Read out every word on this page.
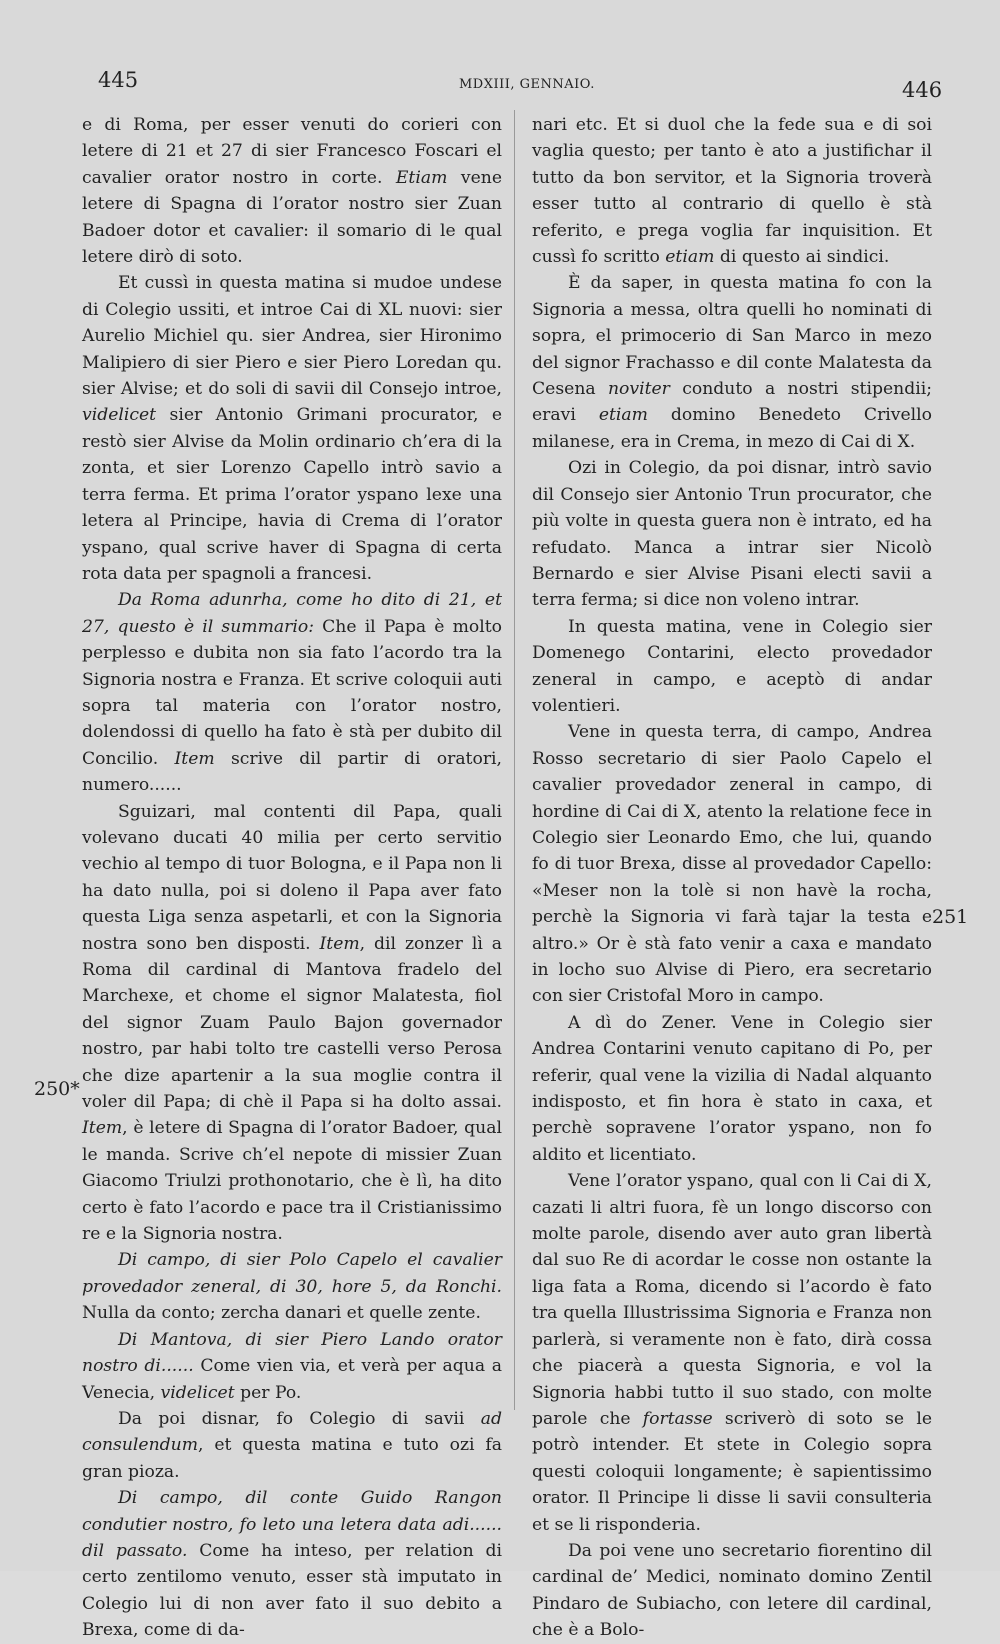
445	MDXIII, GENNAIO.	446
250*
251

e di Roma, per esser venuti do corieri con letere di 21 et 27 di sier Francesco Foscari el cavalier orator nostro in corte. Etiam vene letere di Spagna di l’orator nostro sier Zuan Badoer dotor et cavalier: il somario di le qual letere dirò di soto.

Et cussì in questa matina si mudoe undese di Colegio ussiti, et introe Cai di XL nuovi: sier Aurelio Michiel qu. sier Andrea, sier Hironimo Malipiero di sier Piero e sier Piero Loredan qu. sier Alvise; et do soli di savii dil Consejo introe, videlicet sier Antonio Grimani procurator, e restò sier Alvise da Molin ordinario ch’era di la zonta, et sier Lorenzo Capello intrò savio a terra ferma. Et prima l’orator yspano lexe una letera al Principe, havia di Crema di l’orator yspano, qual scrive haver di Spagna di certa rota data per spagnoli a francesi.

Da Roma adunrha, come ho dito di 21, et 27, questo è il summario: Che il Papa è molto perplesso e dubita non sia fato l’acordo tra la Signoria nostra e Franza. Et scrive coloquii auti sopra tal materia con l’orator nostro, dolendossi di quello ha fato è stà per dubito dil Concilio. Item scrive dil partir di oratori, numero......

Sguizari, mal contenti dil Papa, quali volevano ducati 40 milia per certo servitio vechio al tempo di tuor Bologna, e il Papa non li ha dato nulla, poi si doleno il Papa aver fato questa Liga senza aspetarli, et con la Signoria nostra sono ben disposti. Item, dil zonzer lì a Roma dil cardinal di Mantova fradelo del Marchexe, et chome el signor Malatesta, fiol del signor Zuam Paulo Bajon governador nostro, par habi tolto tre castelli verso Perosa che dize apartenir a la sua moglie contra il voler dil Papa; di chè il Papa si ha dolto assai. Item, è letere di Spagna di l’orator Badoer, qual le manda. Scrive ch’el nepote di missier Zuan Giacomo Triulzi prothonotario, che è lì, ha dito certo è fato l’acordo e pace tra il Cristianissimo re e la Signoria nostra.

Di campo, di sier Polo Capelo el cavalier provedador zeneral, di 30, hore 5, da Ronchi. Nulla da conto; zercha danari et quelle zente.

Di Mantova, di sier Piero Lando orator nostro di...... Come vien via, et verà per aqua a Venecia, videlicet per Po.

Da poi disnar, fo Colegio di savii ad consulendum, et questa matina e tuto ozi fa gran pioza.

Di campo, dil conte Guido Rangon condutier nostro, fo leto una letera data adi...... dil passato. Come ha inteso, per relation di certo zentilomo venuto, esser stà imputato in Colegio lui di non aver fato il suo debito a Brexa, come di da-

nari etc. Et si duol che la fede sua e di soi vaglia questo; per tanto è ato a justifichar il tutto da bon servitor, et la Signoria troverà esser tutto al contrario di quello è stà referito, e prega voglia far inquisition. Et cussì fo scritto etiam di questo ai sindici.

È da saper, in questa matina fo con la Signoria a messa, oltra quelli ho nominati di sopra, el primocerio di San Marco in mezo del signor Frachasso e dil conte Malatesta da Cesena noviter conduto a nostri stipendii; eravi etiam domino Benedeto Crivello milanese, era in Crema, in mezo di Cai di X.

Ozi in Colegio, da poi disnar, intrò savio dil Consejo sier Antonio Trun procurator, che più volte in questa guera non è intrato, ed ha refudato. Manca a intrar sier Nicolò Bernardo e sier Alvise Pisani electi savii a terra ferma; si dice non voleno intrar.

In questa matina, vene in Colegio sier Domenego Contarini, electo provedador zeneral in campo, e aceptò di andar volentieri.

Vene in questa terra, di campo, Andrea Rosso secretario di sier Paolo Capelo el cavalier provedador zeneral in campo, di hordine di Cai di X, atento la relatione fece in Colegio sier Leonardo Emo, che lui, quando fo di tuor Brexa, disse al provedador Capello: «Meser non la tolè si non havè la rocha, perchè la Signoria vi farà tajar la testa e altro.» Or è stà fato venir a caxa e mandato in locho suo Alvise di Piero, era secretario con sier Cristofal Moro in campo.

A dì do Zener. Vene in Colegio sier Andrea Contarini venuto capitano di Po, per referir, qual vene la vizilia di Nadal alquanto indisposto, et fin hora è stato in caxa, et perchè sopravene l’orator yspano, non fo aldito et licentiato.

Vene l’orator yspano, qual con li Cai di X, cazati li altri fuora, fè un longo discorso con molte parole, disendo aver auto gran libertà dal suo Re di acordar le cosse non ostante la liga fata a Roma, dicendo si l’acordo è fato tra quella Illustrissima Signoria e Franza non parlerà, si veramente non è fato, dirà cossa che piacerà a questa Signoria, e vol la Signoria habbi tutto il suo stado, con molte parole che fortasse scriverò di soto se le potrò intender. Et stete in Colegio sopra questi coloquii longamente; è sapientissimo orator. Il Principe li disse li savii consulteria et se li risponderia.

Da poi vene uno secretario fiorentino dil cardinal de’ Medici, nominato domino Zentil Pindaro de Subiacho, con letere dil cardinal, che è a Bolo-
